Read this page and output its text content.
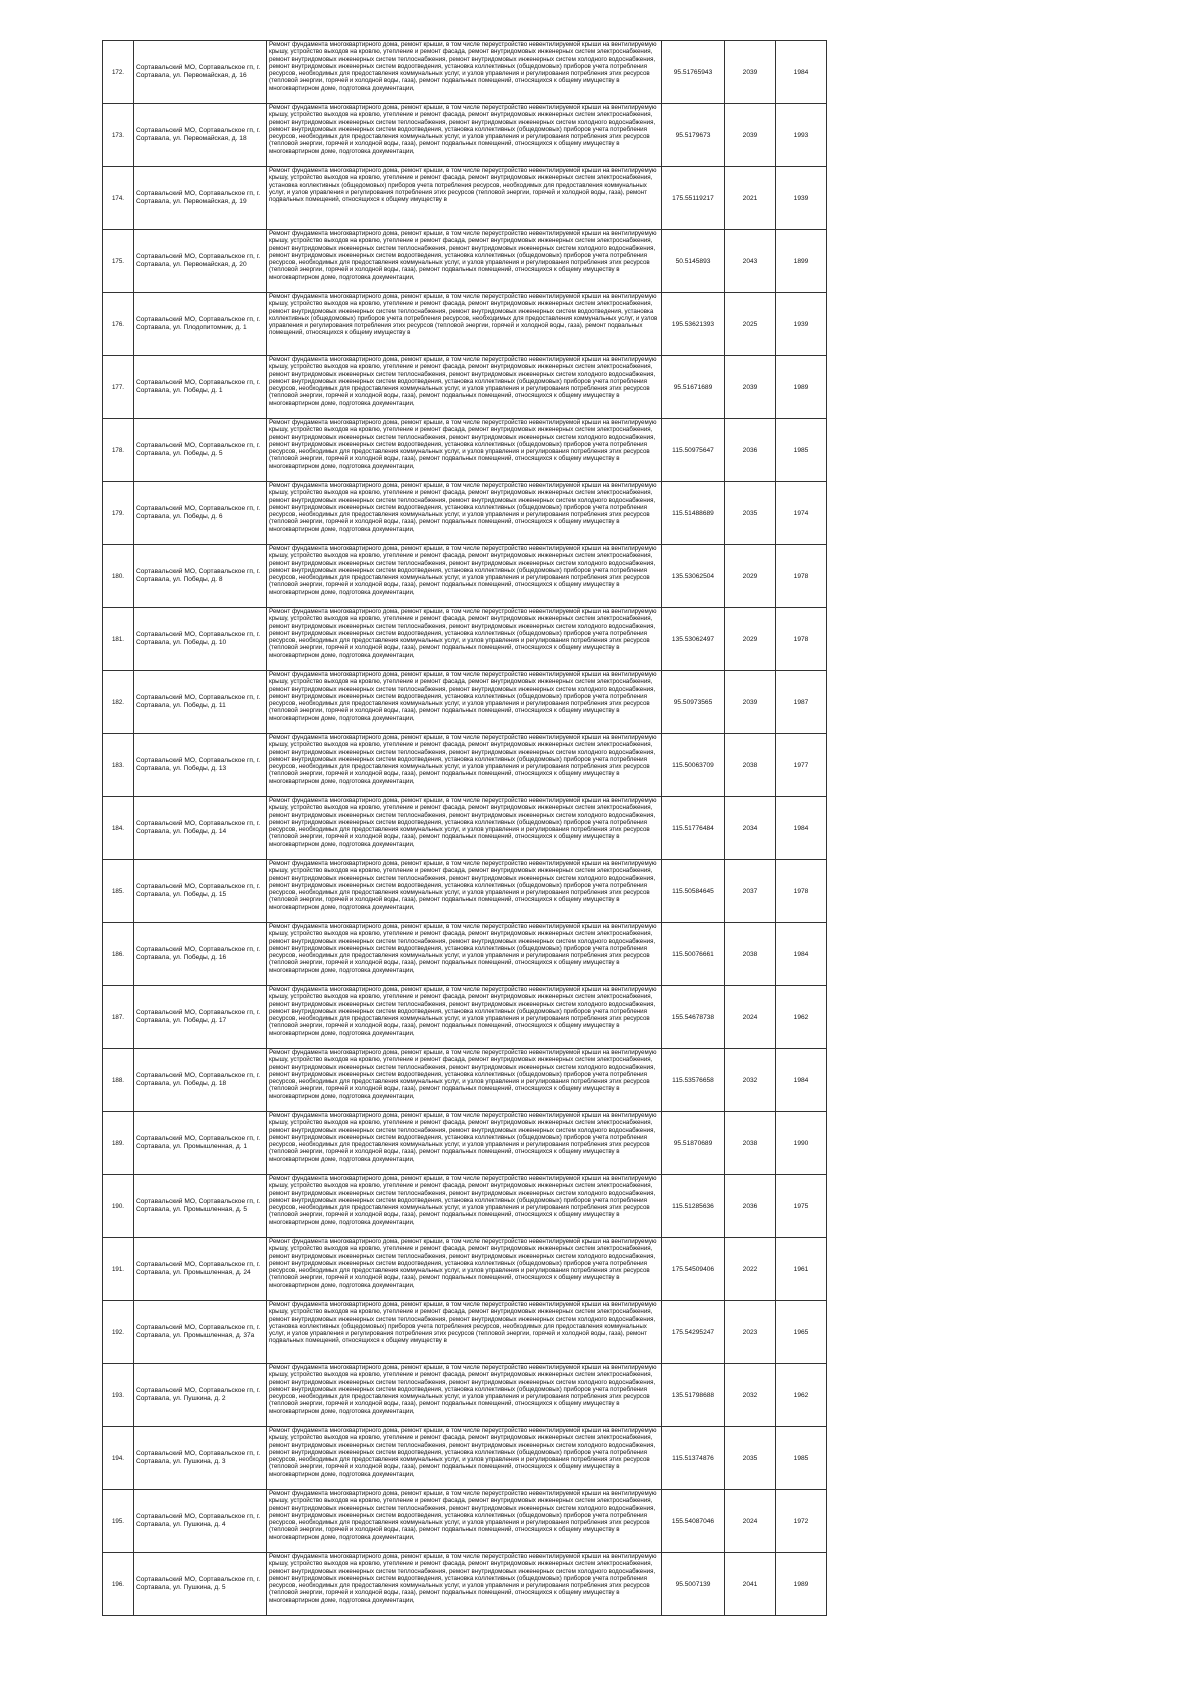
172.	Сортавальский МО, Сортавальское гп, г. Сортавала, ул. Первомайская, д. 16	Ремонт фундамента многоквартирного дома, ремонт крыши, в том числе переустройство невентилируемой крыши на вентилируемую крышу, устройство выходов на кровлю, утепление и ремонт фасада, ремонт внутридомовых инженерных систем электроснабжения, ремонт внутридомовых инженерных систем теплоснабжения, ремонт внутридомовых инженерных систем холодного водоснабжения, ремонт внутридомовых инженерных систем водоотведения, установка коллективных (общедомовых) приборов учета потребления ресурсов, необходимых для предоставления коммунальных услуг, и узлов управления и регулирования потребления этих ресурсов (тепловой энергии, горячей и холодной воды, газа), ремонт подвальных помещений, относящихся к общему имуществу в многоквартирном доме, подготовка документации,	95.51765943	2039	1984
173.	Сортавальский МО, Сортавальское гп, г. Сортавала, ул. Первомайская, д. 18	Ремонт фундамента многоквартирного дома, ремонт крыши, в том числе переустройство невентилируемой крыши на вентилируемую крышу, устройство выходов на кровлю, утепление и ремонт фасада, ремонт внутридомовых инженерных систем электроснабжения, ремонт внутридомовых инженерных систем теплоснабжения, ремонт внутридомовых инженерных систем холодного водоснабжения, ремонт внутридомовых инженерных систем водоотведения, установка коллективных (общедомовых) приборов учета потребления ресурсов, необходимых для предоставления коммунальных услуг, и узлов управления и регулирования потребления этих ресурсов (тепловой энергии, горячей и холодной воды, газа), ремонт подвальных помещений, относящихся к общему имуществу в многоквартирном доме, подготовка документации,	95.5179673	2039	1993
174.	Сортавальский МО, Сортавальское гп, г. Сортавала, ул. Первомайская, д. 19	Ремонт фундамента многоквартирного дома, ремонт крыши, в том числе переустройство невентилируемой крыши на вентилируемую крышу, устройство выходов на кровлю, утепление и ремонт фасада, ремонт внутридомовых инженерных систем электроснабжения, установка коллективных (общедомовых) приборов учета потребления ресурсов, необходимых для предоставления коммунальных услуг, и узлов управления и регулирования потребления этих ресурсов (тепловой энергии, горячей и холодной воды, газа), ремонт подвальных помещений, относящихся к общему имуществу в	175.55119217	2021	1939
175.	Сортавальский МО, Сортавальское гп, г. Сортавала, ул. Первомайская, д. 20	Ремонт фундамента многоквартирного дома, ремонт крыши, в том числе переустройство невентилируемой крыши на вентилируемую крышу, устройство выходов на кровлю, утепление и ремонт фасада, ремонт внутридомовых инженерных систем электроснабжения, ремонт внутридомовых инженерных систем теплоснабжения, ремонт внутридомовых инженерных систем холодного водоснабжения, ремонт внутридомовых инженерных систем водоотведения, установка коллективных (общедомовых) приборов учета потребления ресурсов, необходимых для предоставления коммунальных услуг, и узлов управления и регулирования потребления этих ресурсов (тепловой энергии, горячей и холодной воды, газа), ремонт подвальных помещений, относящихся к общему имуществу в многоквартирном доме, подготовка документации,	50.5145893	2043	1899
176.	Сортавальский МО, Сортавальское гп, г. Сортавала, ул. Плодопитомник, д. 1	Ремонт фундамента многоквартирного дома, ремонт крыши, в том числе переустройство невентилируемой крыши на вентилируемую крышу, устройство выходов на кровлю, утепление и ремонт фасада, ремонт внутридомовых инженерных систем электроснабжения, ремонт внутридомовых инженерных систем теплоснабжения, ремонт внутридомовых инженерных систем водоотведения, установка коллективных (общедомовых) приборов учета потребления ресурсов, необходимых для предоставления коммунальных услуг, и узлов управления и регулирования потребления этих ресурсов (тепловой энергии, горячей и холодной воды, газа), ремонт подвальных помещений, относящихся к общему имуществу в	195.53621393	2025	1939
177.	Сортавальский МО, Сортавальское гп, г. Сортавала, ул. Победы, д. 1	Ремонт фундамента многоквартирного дома, ремонт крыши, в том числе переустройство невентилируемой крыши на вентилируемую крышу, устройство выходов на кровлю, утепление и ремонт фасада, ремонт внутридомовых инженерных систем электроснабжения, ремонт внутридомовых инженерных систем теплоснабжения, ремонт внутридомовых инженерных систем холодного водоснабжения, ремонт внутридомовых инженерных систем водоотведения, установка коллективных (общедомовых) приборов учета потребления ресурсов, необходимых для предоставления коммунальных услуг, и узлов управления и регулирования потребления этих ресурсов (тепловой энергии, горячей и холодной воды, газа), ремонт подвальных помещений, относящихся к общему имуществу в многоквартирном доме, подготовка документации,	95.51671689	2039	1989
178.	Сортавальский МО, Сортавальское гп, г. Сортавала, ул. Победы, д. 5	Ремонт фундамента многоквартирного дома, ремонт крыши, в том числе переустройство невентилируемой крыши на вентилируемую крышу, устройство выходов на кровлю, утепление и ремонт фасада, ремонт внутридомовых инженерных систем электроснабжения, ремонт внутридомовых инженерных систем теплоснабжения, ремонт внутридомовых инженерных систем холодного водоснабжения, ремонт внутридомовых инженерных систем водоотведения, установка коллективных (общедомовых) приборов учета потребления ресурсов, необходимых для предоставления коммунальных услуг, и узлов управления и регулирования потребления этих ресурсов (тепловой энергии, горячей и холодной воды, газа), ремонт подвальных помещений, относящихся к общему имуществу в многоквартирном доме, подготовка документации,	115.50975647	2036	1985
179.	Сортавальский МО, Сортавальское гп, г. Сортавала, ул. Победы, д. 6	Ремонт фундамента многоквартирного дома, ремонт крыши, в том числе переустройство невентилируемой крыши на вентилируемую крышу, устройство выходов на кровлю, утепление и ремонт фасада, ремонт внутридомовых инженерных систем электроснабжения, ремонт внутридомовых инженерных систем теплоснабжения, ремонт внутридомовых инженерных систем холодного водоснабжения, ремонт внутридомовых инженерных систем водоотведения, установка коллективных (общедомовых) приборов учета потребления ресурсов, необходимых для предоставления коммунальных услуг, и узлов управления и регулирования потребления этих ресурсов (тепловой энергии, горячей и холодной воды, газа), ремонт подвальных помещений, относящихся к общему имуществу в многоквартирном доме, подготовка документации,	115.51488689	2035	1974
180.	Сортавальский МО, Сортавальское гп, г. Сортавала, ул. Победы, д. 8	Ремонт фундамента многоквартирного дома, ремонт крыши, в том числе переустройство невентилируемой крыши на вентилируемую крышу, устройство выходов на кровлю, утепление и ремонт фасада, ремонт внутридомовых инженерных систем электроснабжения, ремонт внутридомовых инженерных систем теплоснабжения, ремонт внутридомовых инженерных систем холодного водоснабжения, ремонт внутридомовых инженерных систем водоотведения, установка коллективных (общедомовых) приборов учета потребления ресурсов, необходимых для предоставления коммунальных услуг, и узлов управления и регулирования потребления этих ресурсов (тепловой энергии, горячей и холодной воды, газа), ремонт подвальных помещений, относящихся к общему имуществу в многоквартирном доме, подготовка документации,	135.53062504	2029	1978
181.	Сортавальский МО, Сортавальское гп, г. Сортавала, ул. Победы, д. 10	Ремонт фундамента многоквартирного дома, ремонт крыши, в том числе переустройство невентилируемой крыши на вентилируемую крышу, устройство выходов на кровлю, утепление и ремонт фасада, ремонт внутридомовых инженерных систем электроснабжения, ремонт внутридомовых инженерных систем теплоснабжения, ремонт внутридомовых инженерных систем холодного водоснабжения, ремонт внутридомовых инженерных систем водоотведения, установка коллективных (общедомовых) приборов учета потребления ресурсов, необходимых для предоставления коммунальных услуг, и узлов управления и регулирования потребления этих ресурсов (тепловой энергии, горячей и холодной воды, газа), ремонт подвальных помещений, относящихся к общему имуществу в многоквартирном доме, подготовка документации,	135.53062497	2029	1978
182.	Сортавальский МО, Сортавальское гп, г. Сортавала, ул. Победы, д. 11	Ремонт фундамента многоквартирного дома, ремонт крыши, в том числе переустройство невентилируемой крыши на вентилируемую крышу, устройство выходов на кровлю, утепление и ремонт фасада, ремонт внутридомовых инженерных систем электроснабжения, ремонт внутридомовых инженерных систем теплоснабжения, ремонт внутридомовых инженерных систем холодного водоснабжения, ремонт внутридомовых инженерных систем водоотведения, установка коллективных (общедомовых) приборов учета потребления ресурсов, необходимых для предоставления коммунальных услуг, и узлов управления и регулирования потребления этих ресурсов (тепловой энергии, горячей и холодной воды, газа), ремонт подвальных помещений, относящихся к общему имуществу в многоквартирном доме, подготовка документации,	95.50973565	2039	1987
183.	Сортавальский МО, Сортавальское гп, г. Сортавала, ул. Победы, д. 13	Ремонт фундамента многоквартирного дома, ремонт крыши, в том числе переустройство невентилируемой крыши на вентилируемую крышу, устройство выходов на кровлю, утепление и ремонт фасада, ремонт внутридомовых инженерных систем электроснабжения, ремонт внутридомовых инженерных систем теплоснабжения, ремонт внутридомовых инженерных систем холодного водоснабжения, ремонт внутридомовых инженерных систем водоотведения, установка коллективных (общедомовых) приборов учета потребления ресурсов, необходимых для предоставления коммунальных услуг, и узлов управления и регулирования потребления этих ресурсов (тепловой энергии, горячей и холодной воды, газа), ремонт подвальных помещений, относящихся к общему имуществу в многоквартирном доме, подготовка документации,	115.50063709	2038	1977
184.	Сортавальский МО, Сортавальское гп, г. Сортавала, ул. Победы, д. 14	Ремонт фундамента многоквартирного дома, ремонт крыши, в том числе переустройство невентилируемой крыши на вентилируемую крышу, устройство выходов на кровлю, утепление и ремонт фасада, ремонт внутридомовых инженерных систем электроснабжения, ремонт внутридомовых инженерных систем теплоснабжения, ремонт внутридомовых инженерных систем холодного водоснабжения, ремонт внутридомовых инженерных систем водоотведения, установка коллективных (общедомовых) приборов учета потребления ресурсов, необходимых для предоставления коммунальных услуг, и узлов управления и регулирования потребления этих ресурсов (тепловой энергии, горячей и холодной воды, газа), ремонт подвальных помещений, относящихся к общему имуществу в многоквартирном доме, подготовка документации,	115.51776484	2034	1984
185.	Сортавальский МО, Сортавальское гп, г. Сортавала, ул. Победы, д. 15	Ремонт фундамента многоквартирного дома, ремонт крыши, в том числе переустройство невентилируемой крыши на вентилируемую крышу, устройство выходов на кровлю, утепление и ремонт фасада, ремонт внутридомовых инженерных систем электроснабжения, ремонт внутридомовых инженерных систем теплоснабжения, ремонт внутридомовых инженерных систем холодного водоснабжения, ремонт внутридомовых инженерных систем водоотведения, установка коллективных (общедомовых) приборов учета потребления ресурсов, необходимых для предоставления коммунальных услуг, и узлов управления и регулирования потребления этих ресурсов (тепловой энергии, горячей и холодной воды, газа), ремонт подвальных помещений, относящихся к общему имуществу в многоквартирном доме, подготовка документации,	115.50584645	2037	1978
186.	Сортавальский МО, Сортавальское гп, г. Сортавала, ул. Победы, д. 16	Ремонт фундамента многоквартирного дома, ремонт крыши, в том числе переустройство невентилируемой крыши на вентилируемую крышу, устройство выходов на кровлю, утепление и ремонт фасада, ремонт внутридомовых инженерных систем электроснабжения, ремонт внутридомовых инженерных систем теплоснабжения, ремонт внутридомовых инженерных систем холодного водоснабжения, ремонт внутридомовых инженерных систем водоотведения, установка коллективных (общедомовых) приборов учета потребления ресурсов, необходимых для предоставления коммунальных услуг, и узлов управления и регулирования потребления этих ресурсов (тепловой энергии, горячей и холодной воды, газа), ремонт подвальных помещений, относящихся к общему имуществу в многоквартирном доме, подготовка документации,	115.50076661	2038	1984
187.	Сортавальский МО, Сортавальское гп, г. Сортавала, ул. Победы, д. 17	Ремонт фундамента многоквартирного дома, ремонт крыши, в том числе переустройство невентилируемой крыши на вентилируемую крышу, устройство выходов на кровлю, утепление и ремонт фасада, ремонт внутридомовых инженерных систем электроснабжения, ремонт внутридомовых инженерных систем теплоснабжения, ремонт внутридомовых инженерных систем холодного водоснабжения, ремонт внутридомовых инженерных систем водоотведения, установка коллективных (общедомовых) приборов учета потребления ресурсов, необходимых для предоставления коммунальных услуг, и узлов управления и регулирования потребления этих ресурсов (тепловой энергии, горячей и холодной воды, газа), ремонт подвальных помещений, относящихся к общему имуществу в многоквартирном доме, подготовка документации,	155.54678738	2024	1962
188.	Сортавальский МО, Сортавальское гп, г. Сортавала, ул. Победы, д. 18	Ремонт фундамента многоквартирного дома, ремонт крыши, в том числе переустройство невентилируемой крыши на вентилируемую крышу, устройство выходов на кровлю, утепление и ремонт фасада, ремонт внутридомовых инженерных систем электроснабжения, ремонт внутридомовых инженерных систем теплоснабжения, ремонт внутридомовых инженерных систем холодного водоснабжения, ремонт внутридомовых инженерных систем водоотведения, установка коллективных (общедомовых) приборов учета потребления ресурсов, необходимых для предоставления коммунальных услуг, и узлов управления и регулирования потребления этих ресурсов (тепловой энергии, горячей и холодной воды, газа), ремонт подвальных помещений, относящихся к общему имуществу в многоквартирном доме, подготовка документации,	115.53576658	2032	1984
189.	Сортавальский МО, Сортавальское гп, г. Сортавала, ул. Промышленная, д. 1	Ремонт фундамента многоквартирного дома, ремонт крыши, в том числе переустройство невентилируемой крыши на вентилируемую крышу, устройство выходов на кровлю, утепление и ремонт фасада, ремонт внутридомовых инженерных систем электроснабжения, ремонт внутридомовых инженерных систем теплоснабжения, ремонт внутридомовых инженерных систем холодного водоснабжения, ремонт внутридомовых инженерных систем водоотведения, установка коллективных (общедомовых) приборов учета потребления ресурсов, необходимых для предоставления коммунальных услуг, и узлов управления и регулирования потребления этих ресурсов (тепловой энергии, горячей и холодной воды, газа), ремонт подвальных помещений, относящихся к общему имуществу в многоквартирном доме, подготовка документации,	95.51870689	2038	1990
190.	Сортавальский МО, Сортавальское гп, г. Сортавала, ул. Промышленная, д. 5	Ремонт фундамента многоквартирного дома, ремонт крыши, в том числе переустройство невентилируемой крыши на вентилируемую крышу, устройство выходов на кровлю, утепление и ремонт фасада, ремонт внутридомовых инженерных систем электроснабжения, ремонт внутридомовых инженерных систем теплоснабжения, ремонт внутридомовых инженерных систем холодного водоснабжения, ремонт внутридомовых инженерных систем водоотведения, установка коллективных (общедомовых) приборов учета потребления ресурсов, необходимых для предоставления коммунальных услуг, и узлов управления и регулирования потребления этих ресурсов (тепловой энергии, горячей и холодной воды, газа), ремонт подвальных помещений, относящихся к общему имуществу в многоквартирном доме, подготовка документации,	115.51285636	2036	1975
191.	Сортавальский МО, Сортавальское гп, г. Сортавала, ул. Промышленная, д. 24	Ремонт фундамента многоквартирного дома, ремонт крыши, в том числе переустройство невентилируемой крыши на вентилируемую крышу, устройство выходов на кровлю, утепление и ремонт фасада, ремонт внутридомовых инженерных систем электроснабжения, ремонт внутридомовых инженерных систем теплоснабжения, ремонт внутридомовых инженерных систем холодного водоснабжения, ремонт внутридомовых инженерных систем водоотведения, установка коллективных (общедомовых) приборов учета потребления ресурсов, необходимых для предоставления коммунальных услуг, и узлов управления и регулирования потребления этих ресурсов (тепловой энергии, горячей и холодной воды, газа), ремонт подвальных помещений, относящихся к общему имуществу в многоквартирном доме, подготовка документации,	175.54509406	2022	1961
192.	Сортавальский МО, Сортавальское гп, г. Сортавала, ул. Промышленная, д. 37а	Ремонт фундамента многоквартирного дома, ремонт крыши, в том числе переустройство невентилируемой крыши на вентилируемую крышу, устройство выходов на кровлю, утепление и ремонт фасада, ремонт внутридомовых инженерных систем электроснабжения, ремонт внутридомовых инженерных систем теплоснабжения, ремонт внутридомовых инженерных систем холодного водоснабжения, установка коллективных (общедомовых) приборов учета потребления ресурсов, необходимых для предоставления коммунальных услуг, и узлов управления и регулирования потребления этих ресурсов (тепловой энергии, горячей и холодной воды, газа), ремонт подвальных помещений, относящихся к общему имуществу в	175.54295247	2023	1965
193.	Сортавальский МО, Сортавальское гп, г. Сортавала, ул. Пушкина, д. 2	Ремонт фундамента многоквартирного дома, ремонт крыши, в том числе переустройство невентилируемой крыши на вентилируемую крышу, устройство выходов на кровлю, утепление и ремонт фасада, ремонт внутридомовых инженерных систем электроснабжения, ремонт внутридомовых инженерных систем теплоснабжения, ремонт внутридомовых инженерных систем холодного водоснабжения, ремонт внутридомовых инженерных систем водоотведения, установка коллективных (общедомовых) приборов учета потребления ресурсов, необходимых для предоставления коммунальных услуг, и узлов управления и регулирования потребления этих ресурсов (тепловой энергии, горячей и холодной воды, газа), ремонт подвальных помещений, относящихся к общему имуществу в многоквартирном доме, подготовка документации,	135.51798688	2032	1962
194.	Сортавальский МО, Сортавальское гп, г. Сортавала, ул. Пушкина, д. 3	Ремонт фундамента многоквартирного дома, ремонт крыши, в том числе переустройство невентилируемой крыши на вентилируемую крышу, устройство выходов на кровлю, утепление и ремонт фасада, ремонт внутридомовых инженерных систем электроснабжения, ремонт внутридомовых инженерных систем теплоснабжения, ремонт внутридомовых инженерных систем холодного водоснабжения, ремонт внутридомовых инженерных систем водоотведения, установка коллективных (общедомовых) приборов учета потребления ресурсов, необходимых для предоставления коммунальных услуг, и узлов управления и регулирования потребления этих ресурсов (тепловой энергии, горячей и холодной воды, газа), ремонт подвальных помещений, относящихся к общему имуществу в многоквартирном доме, подготовка документации,	115.51374876	2035	1985
195.	Сортавальский МО, Сортавальское гп, г. Сортавала, ул. Пушкина, д. 4	Ремонт фундамента многоквартирного дома, ремонт крыши, в том числе переустройство невентилируемой крыши на вентилируемую крышу, устройство выходов на кровлю, утепление и ремонт фасада, ремонт внутридомовых инженерных систем электроснабжения, ремонт внутридомовых инженерных систем теплоснабжения, ремонт внутридомовых инженерных систем холодного водоснабжения, ремонт внутридомовых инженерных систем водоотведения, установка коллективных (общедомовых) приборов учета потребления ресурсов, необходимых для предоставления коммунальных услуг, и узлов управления и регулирования потребления этих ресурсов (тепловой энергии, горячей и холодной воды, газа), ремонт подвальных помещений, относящихся к общему имуществу в многоквартирном доме, подготовка документации,	155.54087046	2024	1972
196.	Сортавальский МО, Сортавальское гп, г. Сортавала, ул. Пушкина, д. 5	Ремонт фундамента многоквартирного дома, ремонт крыши, в том числе переустройство невентилируемой крыши на вентилируемую крышу, устройство выходов на кровлю, утепление и ремонт фасада, ремонт внутридомовых инженерных систем электроснабжения, ремонт внутридомовых инженерных систем теплоснабжения, ремонт внутридомовых инженерных систем холодного водоснабжения, ремонт внутридомовых инженерных систем водоотведения, установка коллективных (общедомовых) приборов учета потребления ресурсов, необходимых для предоставления коммунальных услуг, и узлов управления и регулирования потребления этих ресурсов (тепловой энергии, горячей и холодной воды, газа), ремонт подвальных помещений, относящихся к общему имуществу в многоквартирном доме, подготовка документации,	95.5007139	2041	1989
